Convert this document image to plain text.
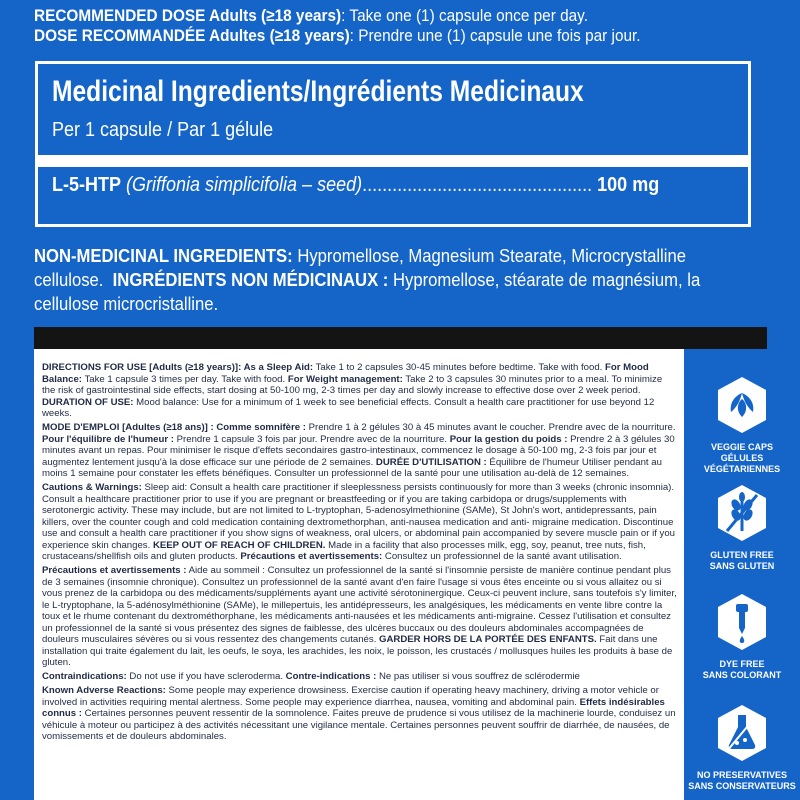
RECOMMENDED DOSE Adults (≥18 years): Take one (1) capsule once per day.
DOSE RECOMMANDÉE Adultes (≥18 years): Prendre une (1) capsule une fois par jour.
Medicinal Ingredients/Ingrédients Medicinaux
Per 1 capsule / Par 1 gélule
L-5-HTP (Griffonia simplicifolia – seed).............................................. 100 mg
NON-MEDICINAL INGREDIENTS: Hypromellose, Magnesium Stearate, Microcrystalline
cellulose. INGRÉDIENTS NON MÉDICINAUX : Hypromellose, stéarate de magnésium, la
cellulose microcristalline.

DIRECTIONS FOR USE [Adults (≥18 years)]: As a Sleep Aid: Take 1 to 2 capsules 30-45 minutes before bedtime. Take with food. For Mood Balance: Take 1 capsule 3 times per day. Take with food. For Weight management: Take 2 to 3 capsules 30 minutes prior to a meal. To minimize the risk of gastrointestinal side effects, start dosing at 50-100 mg, 2-3 times per day and slowly increase to effective dose over 2 week period. DURATION OF USE: Mood balance: Use for a minimum of 1 week to see beneficial effects. Consult a health care practitioner for use beyond 12 weeks.

MODE D'EMPLOI [Adultes (≥18 ans)] : Comme somnifère : Prendre 1 à 2 gélules 30 à 45 minutes avant le coucher. Prendre avec de la nourriture. Pour l'équilibre de l'humeur : Prendre 1 capsule 3 fois par jour. Prendre avec de la nourriture. Pour la gestion du poids : Prendre 2 à 3 gélules 30 minutes avant un repas. Pour minimiser le risque d'effets secondaires gastro-intestinaux, commencez le dosage à 50-100 mg, 2-3 fois par jour et augmentez lentement jusqu'à la dose efficace sur une période de 2 semaines. DURÉE D'UTILISATION : Équilibre de l'humeur Utiliser pendant au moins 1 semaine pour constater les effets bénéfiques. Consulter un professionnel de la santé pour une utilisation au-delà de 12 semaines.

Cautions & Warnings: Sleep aid: Consult a health care practitioner if sleeplessness persists continuously for more than 3 weeks (chronic insomnia). Consult a healthcare practitioner prior to use if you are pregnant or breastfeeding or if you are taking carbidopa or drugs/supplements with serotonergic activity. These may include, but are not limited to L-tryptophan, 5-adenosylmethionine (SAMe), St John's wort, antidepressants, pain killers, over the counter cough and cold medication containing dextromethorphan, anti-nausea medication and anti- migraine medication. Discontinue use and consult a health care practitioner if you show signs of weakness, oral ulcers, or abdominal pain accompanied by severe muscle pain or if you experience skin changes. KEEP OUT OF REACH OF CHILDREN. Made in a facility that also processes milk, egg, soy, peanut, tree nuts, fish, crustaceans/shellfish oils and gluten products. Précautions et avertissements: Consultez un professionnel de la santé avant utilisation.

Précautions et avertissements : Aide au sommeil : Consultez un professionnel de la santé si l'insomnie persiste de manière continue pendant plus de 3 semaines (insomnie chronique). Consultez un professionnel de la santé avant d'en faire l'usage si vous êtes enceinte ou si vous allaitez ou si vous prenez de la carbidopa ou des médicaments/suppléments ayant une activité sérotoninergique. Ceux-ci peuvent inclure, sans toutefois s'y limiter, le L-tryptophane, la 5-adénosylméthionine (SAMe), le millepertuis, les antidépresseurs, les analgésiques, les médicaments en vente libre contre la toux et le rhume contenant du dextrométhorphane, les médicaments anti-nausées et les médicaments anti-migraine. Cessez l'utilisation et consultez un professionnel de la santé si vous présentez des signes de faiblesse, des ulcères buccaux ou des douleurs abdominales accompagnées de douleurs musculaires sévères ou si vous ressentez des changements cutanés. GARDER HORS DE LA PORTÉE DES ENFANTS. Fait dans une installation qui traite également du lait, les oeufs, le soya, les arachides, les noix, le poisson, les crustacés / mollusques huiles les produits à base de gluten.

Contraindications: Do not use if you have scleroderma. Contre-indications : Ne pas utiliser si vous souffrez de sclérodermie

Known Adverse Reactions: Some people may experience drowsiness. Exercise caution if operating heavy machinery, driving a motor vehicle or involved in activities requiring mental alertness. Some people may experience diarrhea, nausea, vomiting and abdominal pain. Effets indésirables connus : Certaines personnes peuvent ressentir de la somnolence. Faites preuve de prudence si vous utilisez de la machinerie lourde, conduisez un véhicule à moteur ou participez à des activités nécessitant une vigilance mentale. Certaines personnes peuvent souffrir de diarrhée, de nausées, de vomissements et de douleurs abdominales.

VEGGIE CAPS
GÉLULES VÉGÉTARIENNES
GLUTEN FREE
SANS GLUTEN
DYE FREE
SANS COLORANT
NO PRESERVATIVES
SANS CONSERVATEURS
